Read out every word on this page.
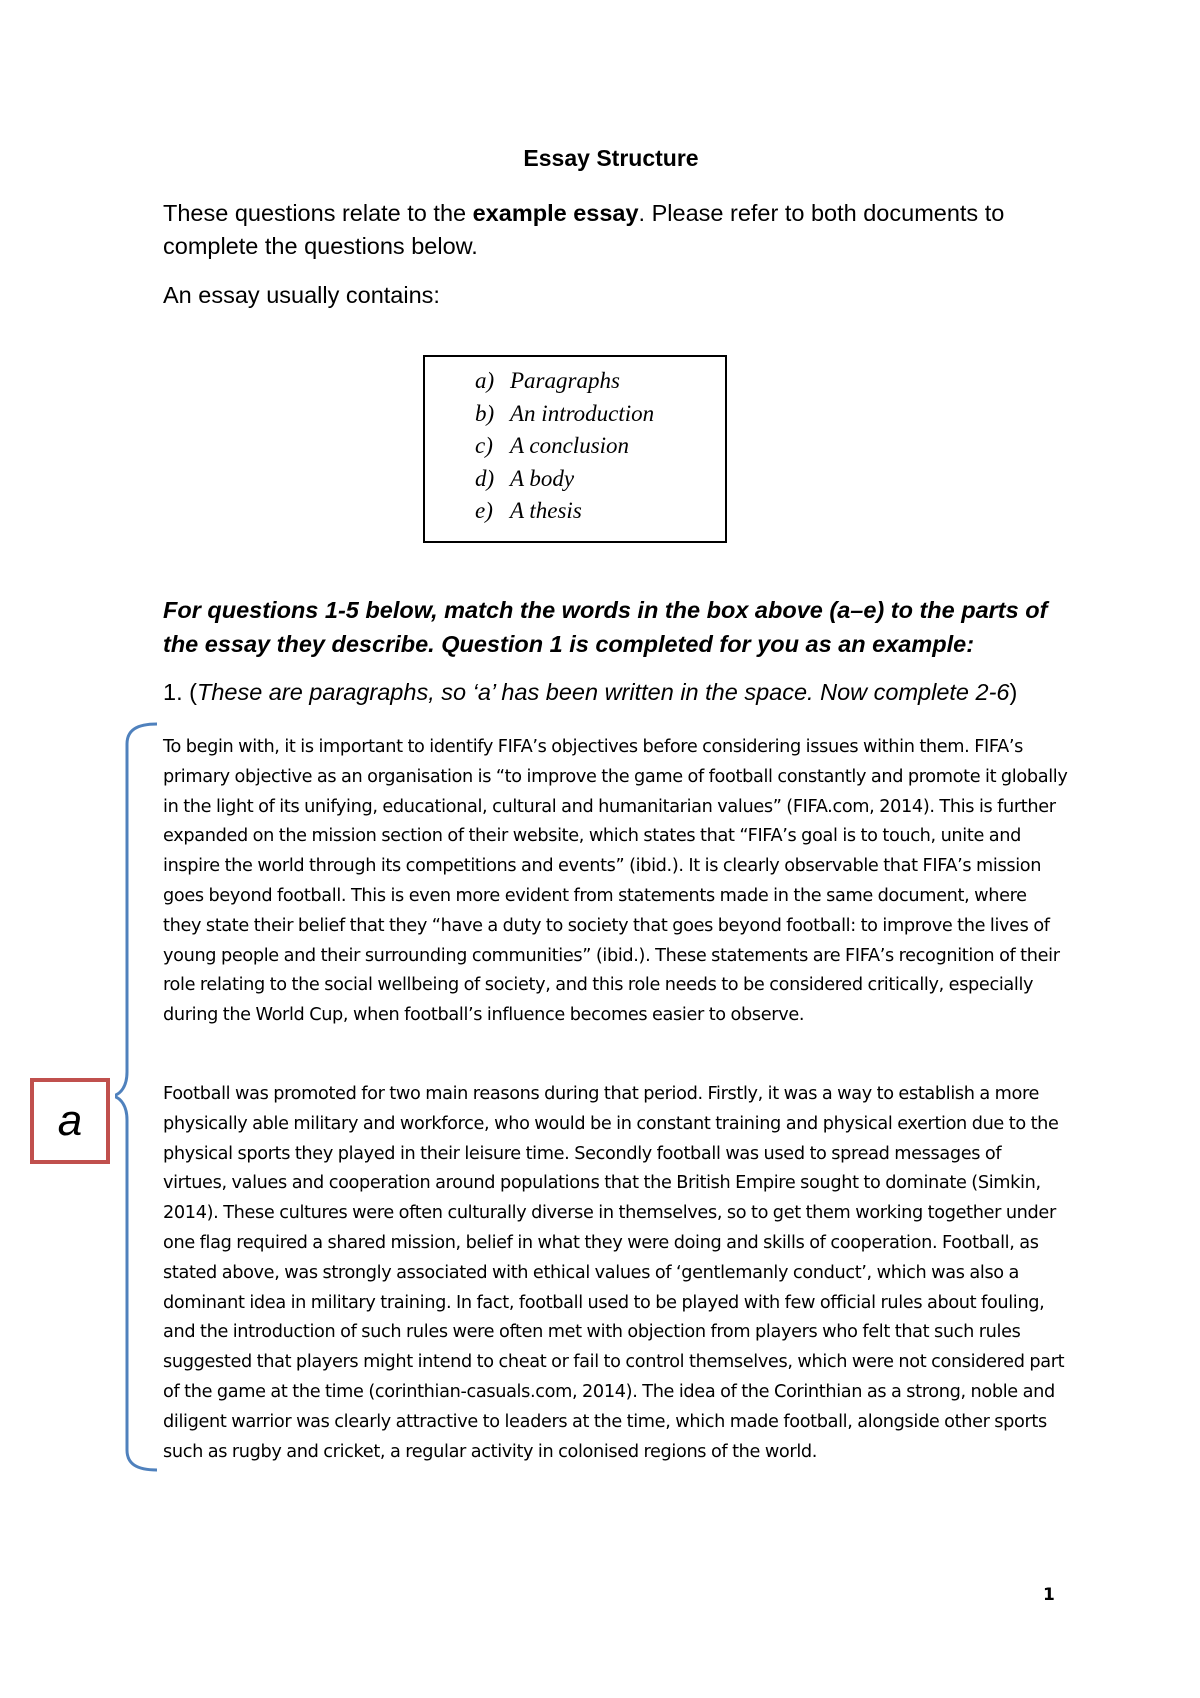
Essay Structure

These questions relate to the example essay. Please refer to both documents to complete the questions below.

An essay usually contains:
a) Paragraphs
b) An introduction
c) A conclusion
d) A body
e) A thesis

For questions 1-5 below, match the words in the box above (a–e) to the parts of the essay they describe. Question 1 is completed for you as an example:

1. (These are paragraphs, so ‘a’ has been written in the space. Now complete 2-6)

To begin with, it is important to identify FIFA’s objectives before considering issues within them. FIFA’s primary objective as an organisation is “to improve the game of football constantly and promote it globally in the light of its unifying, educational, cultural and humanitarian values” (FIFA.com, 2014). This is further expanded on the mission section of their website, which states that “FIFA’s goal is to touch, unite and inspire the world through its competitions and events” (ibid.). It is clearly observable that FIFA’s mission goes beyond football. This is even more evident from statements made in the same document, where they state their belief that they “have a duty to society that goes beyond football: to improve the lives of young people and their surrounding communities” (ibid.). These statements are FIFA’s recognition of their role relating to the social wellbeing of society, and this role needs to be considered critically, especially during the World Cup, when football’s influence becomes easier to observe.

Football was promoted for two main reasons during that period. Firstly, it was a way to establish a more physically able military and workforce, who would be in constant training and physical exertion due to the physical sports they played in their leisure time. Secondly football was used to spread messages of virtues, values and cooperation around populations that the British Empire sought to dominate (Simkin, 2014). These cultures were often culturally diverse in themselves, so to get them working together under one flag required a shared mission, belief in what they were doing and skills of cooperation. Football, as stated above, was strongly associated with ethical values of ‘gentlemanly conduct’, which was also a dominant idea in military training. In fact, football used to be played with few official rules about fouling, and the introduction of such rules were often met with objection from players who felt that such rules suggested that players might intend to cheat or fail to control themselves, which were not considered part of the game at the time (corinthian-casuals.com, 2014). The idea of the Corinthian as a strong, noble and diligent warrior was clearly attractive to leaders at the time, which made football, alongside other sports such as rugby and cricket, a regular activity in colonised regions of the world.

a
1
